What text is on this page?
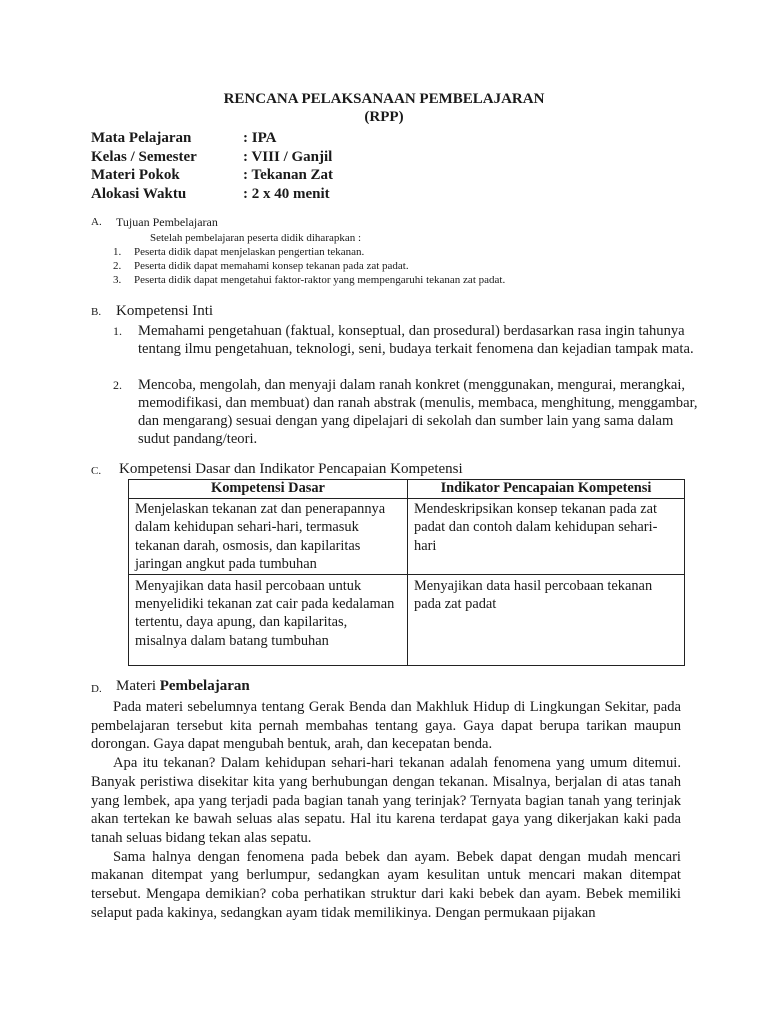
RENCANA PELAKSANAAN PEMBELAJARAN
(RPP)
Mata Pelajaran	: IPA
Kelas / Semester	: VIII / Ganjil
Materi Pokok	: Tekanan Zat
Alokasi Waktu	: 2 x 40 menit
A. Tujuan Pembelajaran
Setelah pembelajaran peserta didik diharapkan :
1. Peserta didik dapat menjelaskan pengertian tekanan.
2. Peserta didik dapat memahami konsep tekanan pada zat padat.
3. Peserta didik dapat mengetahui faktor-raktor yang mempengaruhi tekanan zat padat.
B. Kompetensi Inti
1. Memahami pengetahuan (faktual, konseptual, dan prosedural) berdasarkan rasa ingin tahunya tentang ilmu pengetahuan, teknologi, seni, budaya terkait fenomena dan kejadian tampak mata.
2. Mencoba, mengolah, dan menyaji dalam ranah konkret (menggunakan, mengurai, merangkai, memodifikasi, dan membuat) dan ranah abstrak (menulis, membaca, menghitung, menggambar, dan mengarang) sesuai dengan yang dipelajari di sekolah dan sumber lain yang sama dalam sudut pandang/teori.
C. Kompetensi Dasar dan Indikator Pencapaian Kompetensi
Kompetensi Dasar	Indikator Pencapaian Kompetensi
Menjelaskan tekanan zat dan penerapannya dalam kehidupan sehari-hari, termasuk tekanan darah, osmosis, dan kapilaritas jaringan angkut pada tumbuhan	Mendeskripsikan konsep tekanan pada zat padat dan contoh dalam kehidupan sehari-hari
Menyajikan data hasil percobaan untuk menyelidiki tekanan zat cair pada kedalaman tertentu, daya apung, dan kapilaritas, misalnya dalam batang tumbuhan	Menyajikan data hasil percobaan tekanan pada zat padat
D. Materi Pembelajaran

Pada materi sebelumnya tentang Gerak Benda dan Makhluk Hidup di Lingkungan Sekitar, pada pembelajaran tersebut kita pernah membahas tentang gaya. Gaya dapat berupa tarikan maupun dorongan. Gaya dapat mengubah bentuk, arah, dan kecepatan benda.

Apa itu tekanan? Dalam kehidupan sehari-hari tekanan adalah fenomena yang umum ditemui. Banyak peristiwa disekitar kita yang berhubungan dengan tekanan. Misalnya, berjalan di atas tanah yang lembek, apa yang terjadi pada bagian tanah yang terinjak? Ternyata bagian tanah yang terinjak akan tertekan ke bawah seluas alas sepatu. Hal itu karena terdapat gaya yang dikerjakan kaki pada tanah seluas bidang tekan alas sepatu.

Sama halnya dengan fenomena pada bebek dan ayam. Bebek dapat dengan mudah mencari makanan ditempat yang berlumpur, sedangkan ayam kesulitan untuk mencari makan ditempat tersebut. Mengapa demikian? coba perhatikan struktur dari kaki bebek dan ayam. Bebek memiliki selaput pada kakinya, sedangkan ayam tidak memilikinya. Dengan permukaan pijakan
